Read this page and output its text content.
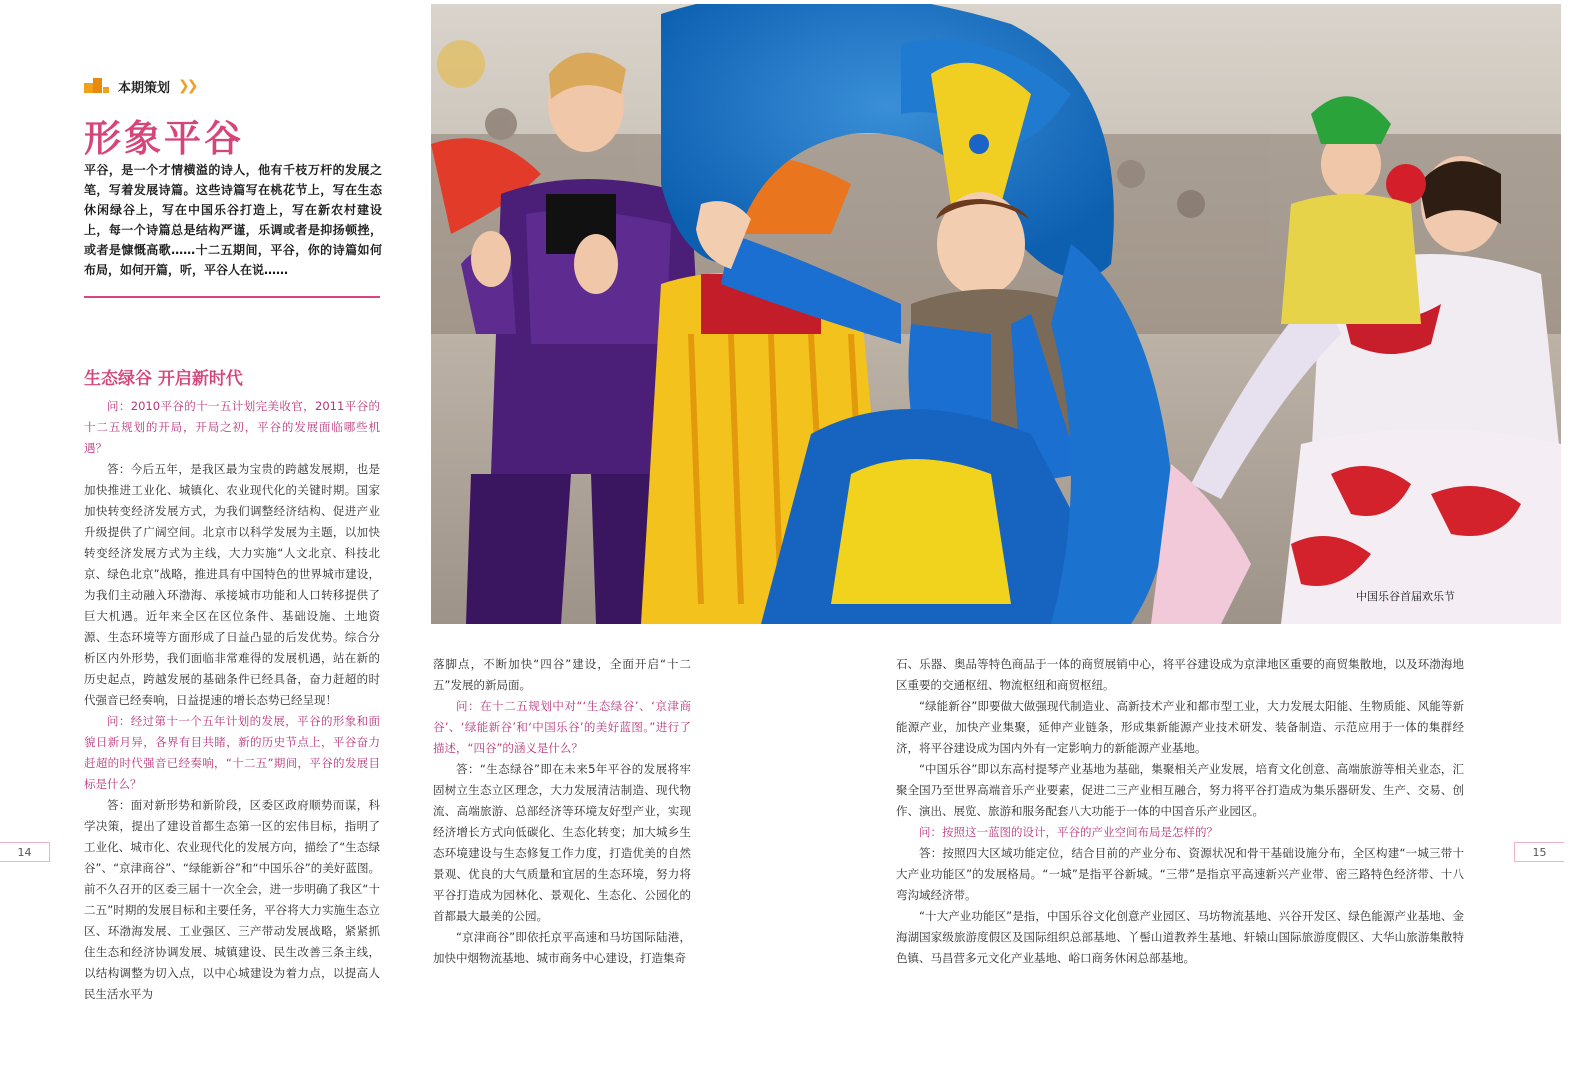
本期策划 ❯❯
形象平谷

平谷，是一个才情横溢的诗人，他有千枝万杆的发展之笔，写着发展诗篇。这些诗篇写在桃花节上，写在生态休闲绿谷上，写在中国乐谷打造上，写在新农村建设上，每一个诗篇总是结构严谨，乐调或者是抑扬顿挫，或者是慷慨高歌……十二五期间，平谷，你的诗篇如何布局，如何开篇，听，平谷人在说……

生态绿谷 开启新时代

问：2010平谷的十一五计划完美收官，2011平谷的十二五规划的开局，开局之初，平谷的发展面临哪些机遇？

答：今后五年，是我区最为宝贵的跨越发展期，也是加快推进工业化、城镇化、农业现代化的关键时期。国家加快转变经济发展方式，为我们调整经济结构、促进产业升级提供了广阔空间。北京市以科学发展为主题，以加快转变经济发展方式为主线，大力实施“人文北京、科技北京、绿色北京”战略，推进具有中国特色的世界城市建设，为我们主动融入环渤海、承接城市功能和人口转移提供了巨大机遇。近年来全区在区位条件、基础设施、土地资源、生态环境等方面形成了日益凸显的后发优势。综合分析区内外形势，我们面临非常难得的发展机遇，站在新的历史起点，跨越发展的基础条件已经具备，奋力赶超的时代强音已经奏响，日益提速的增长态势已经呈现！

问：经过第十一个五年计划的发展，平谷的形象和面貌日新月异，各界有目共睹，新的历史节点上，平谷奋力赶超的时代强音已经奏响，“十二五”期间，平谷的发展目标是什么？

答：面对新形势和新阶段，区委区政府顺势而谋，科学决策，提出了建设首都生态第一区的宏伟目标，指明了工业化、城市化、农业现代化的发展方向，描绘了“生态绿谷”、“京津商谷”、“绿能新谷”和“中国乐谷”的美好蓝图。前不久召开的区委三届十一次全会，进一步明确了我区“十二五”时期的发展目标和主要任务，平谷将大力实施生态立区、环渤海发展、工业强区、三产带动发展战略，紧紧抓住生态和经济协调发展、城镇建设、民生改善三条主线，以结构调整为切入点，以中心城建设为着力点，以提高人民生活水平为

落脚点，不断加快“四谷”建设，全面开启“十二五”发展的新局面。

问：在十二五规划中对“‘生态绿谷’、‘京津商谷’、‘绿能新谷’和‘中国乐谷’的美好蓝图。”进行了描述，“四谷”的涵义是什么？

答：“生态绿谷”即在未来5年平谷的发展将牢固树立生态立区理念，大力发展清洁制造、现代物流、高端旅游、总部经济等环境友好型产业，实现经济增长方式向低碳化、生态化转变；加大城乡生态环境建设与生态修复工作力度，打造优美的自然景观、优良的大气质量和宜居的生态环境，努力将平谷打造成为园林化、景观化、生态化、公园化的首都最大最美的公园。

“京津商谷”即依托京平高速和马坊国际陆港，加快中烟物流基地、城市商务中心建设，打造集奇

石、乐器、奥品等特色商品于一体的商贸展销中心，将平谷建设成为京津地区重要的商贸集散地，以及环渤海地区重要的交通枢纽、物流枢纽和商贸枢纽。

“绿能新谷”即要做大做强现代制造业、高新技术产业和都市型工业，大力发展太阳能、生物质能、风能等新能源产业，加快产业集聚，延伸产业链条，形成集新能源产业技术研发、装备制造、示范应用于一体的集群经济，将平谷建设成为国内外有一定影响力的新能源产业基地。

“中国乐谷”即以东高村提琴产业基地为基础，集聚相关产业发展，培育文化创意、高端旅游等相关业态，汇聚全国乃至世界高端音乐产业要素，促进二三产业相互融合，努力将平谷打造成为集乐器研发、生产、交易、创作、演出、展览、旅游和服务配套八大功能于一体的中国音乐产业园区。

问：按照这一蓝图的设计，平谷的产业空间布局是怎样的？

答：按照四大区域功能定位，结合目前的产业分布、资源状况和骨干基础设施分布，全区构建“一城三带十大产业功能区”的发展格局。“一城”是指平谷新城。“三带”是指京平高速新兴产业带、密三路特色经济带、十八弯沟域经济带。

“十大产业功能区”是指，中国乐谷文化创意产业园区、马坊物流基地、兴谷开发区、绿色能源产业基地、金海湖国家级旅游度假区及国际组织总部基地、丫髻山道教养生基地、轩辕山国际旅游度假区、大华山旅游集散特色镇、马昌营多元文化产业基地、峪口商务休闲总部基地。

中国乐谷首届欢乐节
14	15
